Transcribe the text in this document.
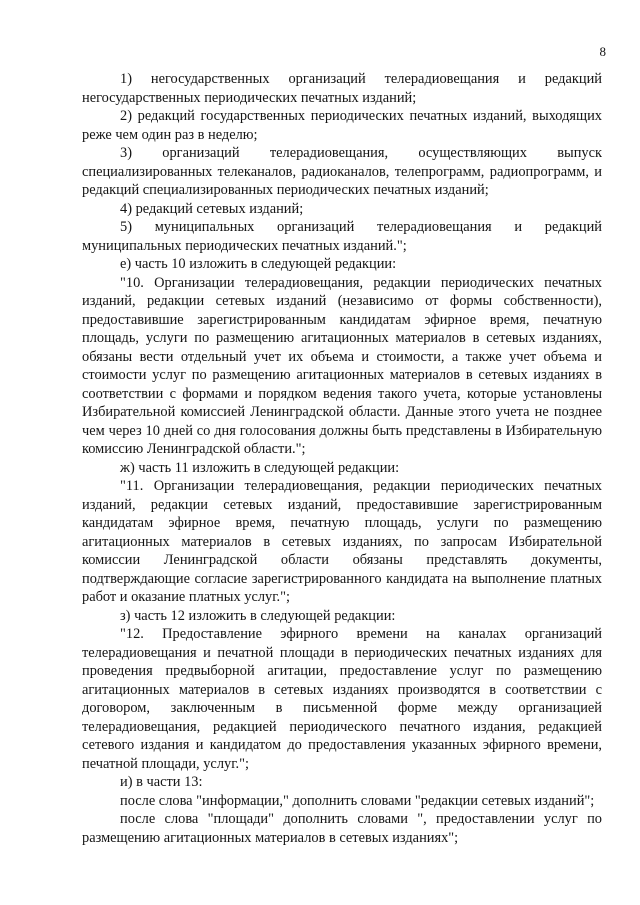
8

1) негосударственных организаций телерадиовещания и редакций негосударственных периодических печатных изданий;

2) редакций государственных периодических печатных изданий, выходящих реже чем один раз в неделю;

3) организаций телерадиовещания, осуществляющих выпуск специализированных телеканалов, радиоканалов, телепрограмм, радиопрограмм, и редакций специализированных периодических печатных изданий;

4) редакций сетевых изданий;

5) муниципальных организаций телерадиовещания и редакций муниципальных периодических печатных изданий.";

е) часть 10 изложить в следующей редакции:

"10. Организации телерадиовещания, редакции периодических печатных изданий, редакции сетевых изданий (независимо от формы собственности), предоставившие зарегистрированным кандидатам эфирное время, печатную площадь, услуги по размещению агитационных материалов в сетевых изданиях, обязаны вести отдельный учет их объема и стоимости, а также учет объема и стоимости услуг по размещению агитационных материалов в сетевых изданиях в соответствии с формами и порядком ведения такого учета, которые установлены Избирательной комиссией Ленинградской области. Данные этого учета не позднее чем через 10 дней со дня голосования должны быть представлены в Избирательную комиссию Ленинградской области.";

ж) часть 11 изложить в следующей редакции:

"11. Организации телерадиовещания, редакции периодических печатных изданий, редакции сетевых изданий, предоставившие зарегистрированным кандидатам эфирное время, печатную площадь, услуги по размещению агитационных материалов в сетевых изданиях, по запросам Избирательной комиссии Ленинградской области обязаны представлять документы, подтверждающие согласие зарегистрированного кандидата на выполнение платных работ и оказание платных услуг.";

з) часть 12 изложить в следующей редакции:

"12. Предоставление эфирного времени на каналах организаций телерадиовещания и печатной площади в периодических печатных изданиях для проведения предвыборной агитации, предоставление услуг по размещению агитационных материалов в сетевых изданиях производятся в соответствии с договором, заключенным в письменной форме между организацией телерадиовещания, редакцией периодического печатного издания, редакцией сетевого издания и кандидатом до предоставления указанных эфирного времени, печатной площади, услуг.";

и) в части 13:

после слова "информации," дополнить словами "редакции сетевых изданий";

после слова "площади" дополнить словами ", предоставлении услуг по размещению агитационных материалов в сетевых изданиях";
